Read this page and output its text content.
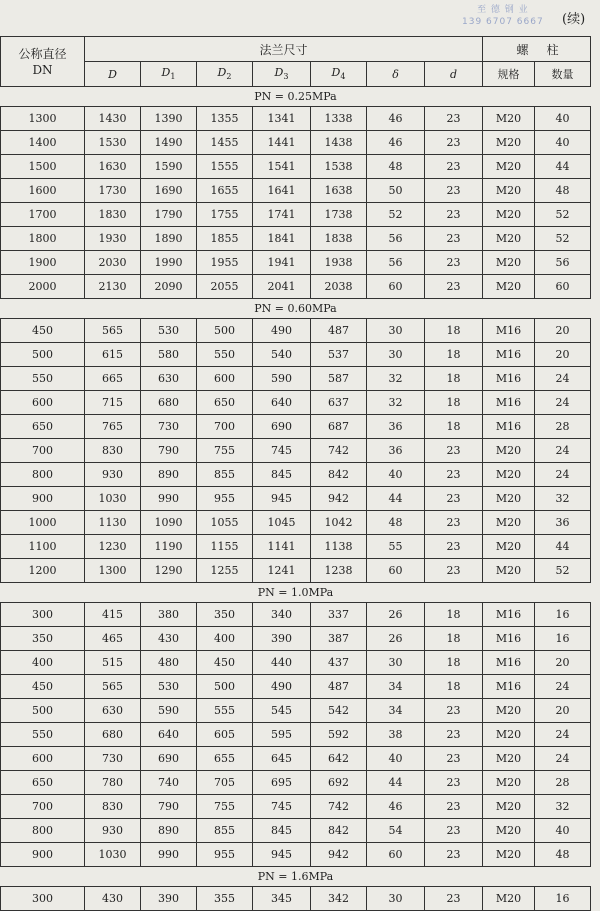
至 德 钢 业
139 6707 6667 (续)
公称直径
DN	法兰尺寸							螺	柱
	D	$D_1$	$D_2$	$D_3$	$D_4$	δ	d	规格	数量
PN = 0.25MPa									
1300	1430	1390	1355	1341	1338	46	23	M20	40
1400	1530	1490	1455	1441	1438	46	23	M20	40
1500	1630	1590	1555	1541	1538	48	23	M20	44
1600	1730	1690	1655	1641	1638	50	23	M20	48
1700	1830	1790	1755	1741	1738	52	23	M20	52
1800	1930	1890	1855	1841	1838	56	23	M20	52
1900	2030	1990	1955	1941	1938	56	23	M20	56
2000	2130	2090	2055	2041	2038	60	23	M20	60
PN = 0.60MPa									
450	565	530	500	490	487	30	18	M16	20
500	615	580	550	540	537	30	18	M16	20
550	665	630	600	590	587	32	18	M16	24
600	715	680	650	640	637	32	18	M16	24
650	765	730	700	690	687	36	18	M16	28
700	830	790	755	745	742	36	23	M20	24
800	930	890	855	845	842	40	23	M20	24
900	1030	990	955	945	942	44	23	M20	32
1000	1130	1090	1055	1045	1042	48	23	M20	36
1100	1230	1190	1155	1141	1138	55	23	M20	44
1200	1300	1290	1255	1241	1238	60	23	M20	52
PN = 1.0MPa									
300	415	380	350	340	337	26	18	M16	16
350	465	430	400	390	387	26	18	M16	16
400	515	480	450	440	437	30	18	M16	20
450	565	530	500	490	487	34	18	M16	24
500	630	590	555	545	542	34	23	M20	20
550	680	640	605	595	592	38	23	M20	24
600	730	690	655	645	642	40	23	M20	24
650	780	740	705	695	692	44	23	M20	28
700	830	790	755	745	742	46	23	M20	32
800	930	890	855	845	842	54	23	M20	40
900	1030	990	955	945	942	60	23	M20	48
PN = 1.6MPa									
300	430	390	355	345	342	30	23	M20	16
